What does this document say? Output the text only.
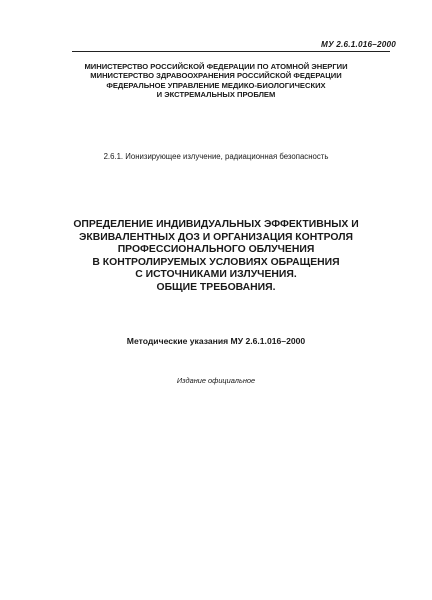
МУ 2.6.1.016–2000
МИНИСТЕРСТВО РОССИЙСКОЙ ФЕДЕРАЦИИ ПО АТОМНОЙ ЭНЕРГИИ
МИНИСТЕРСТВО ЗДРАВООХРАНЕНИЯ РОССИЙСКОЙ ФЕДЕРАЦИИ
ФЕДЕРАЛЬНОЕ УПРАВЛЕНИЕ МЕДИКО-БИОЛОГИЧЕСКИХ
И ЭКСТРЕМАЛЬНЫХ ПРОБЛЕМ
2.6.1. Ионизирующее излучение, радиационная безопасность
ОПРЕДЕЛЕНИЕ ИНДИВИДУАЛЬНЫХ ЭФФЕКТИВНЫХ И
ЭКВИВАЛЕНТНЫХ ДОЗ И ОРГАНИЗАЦИЯ КОНТРОЛЯ
ПРОФЕССИОНАЛЬНОГО ОБЛУЧЕНИЯ
В КОНТРОЛИРУЕМЫХ УСЛОВИЯХ ОБРАЩЕНИЯ
С ИСТОЧНИКАМИ ИЗЛУЧЕНИЯ.
ОБЩИЕ ТРЕБОВАНИЯ.
Методические указания МУ 2.6.1.016–2000
Издание официальное
